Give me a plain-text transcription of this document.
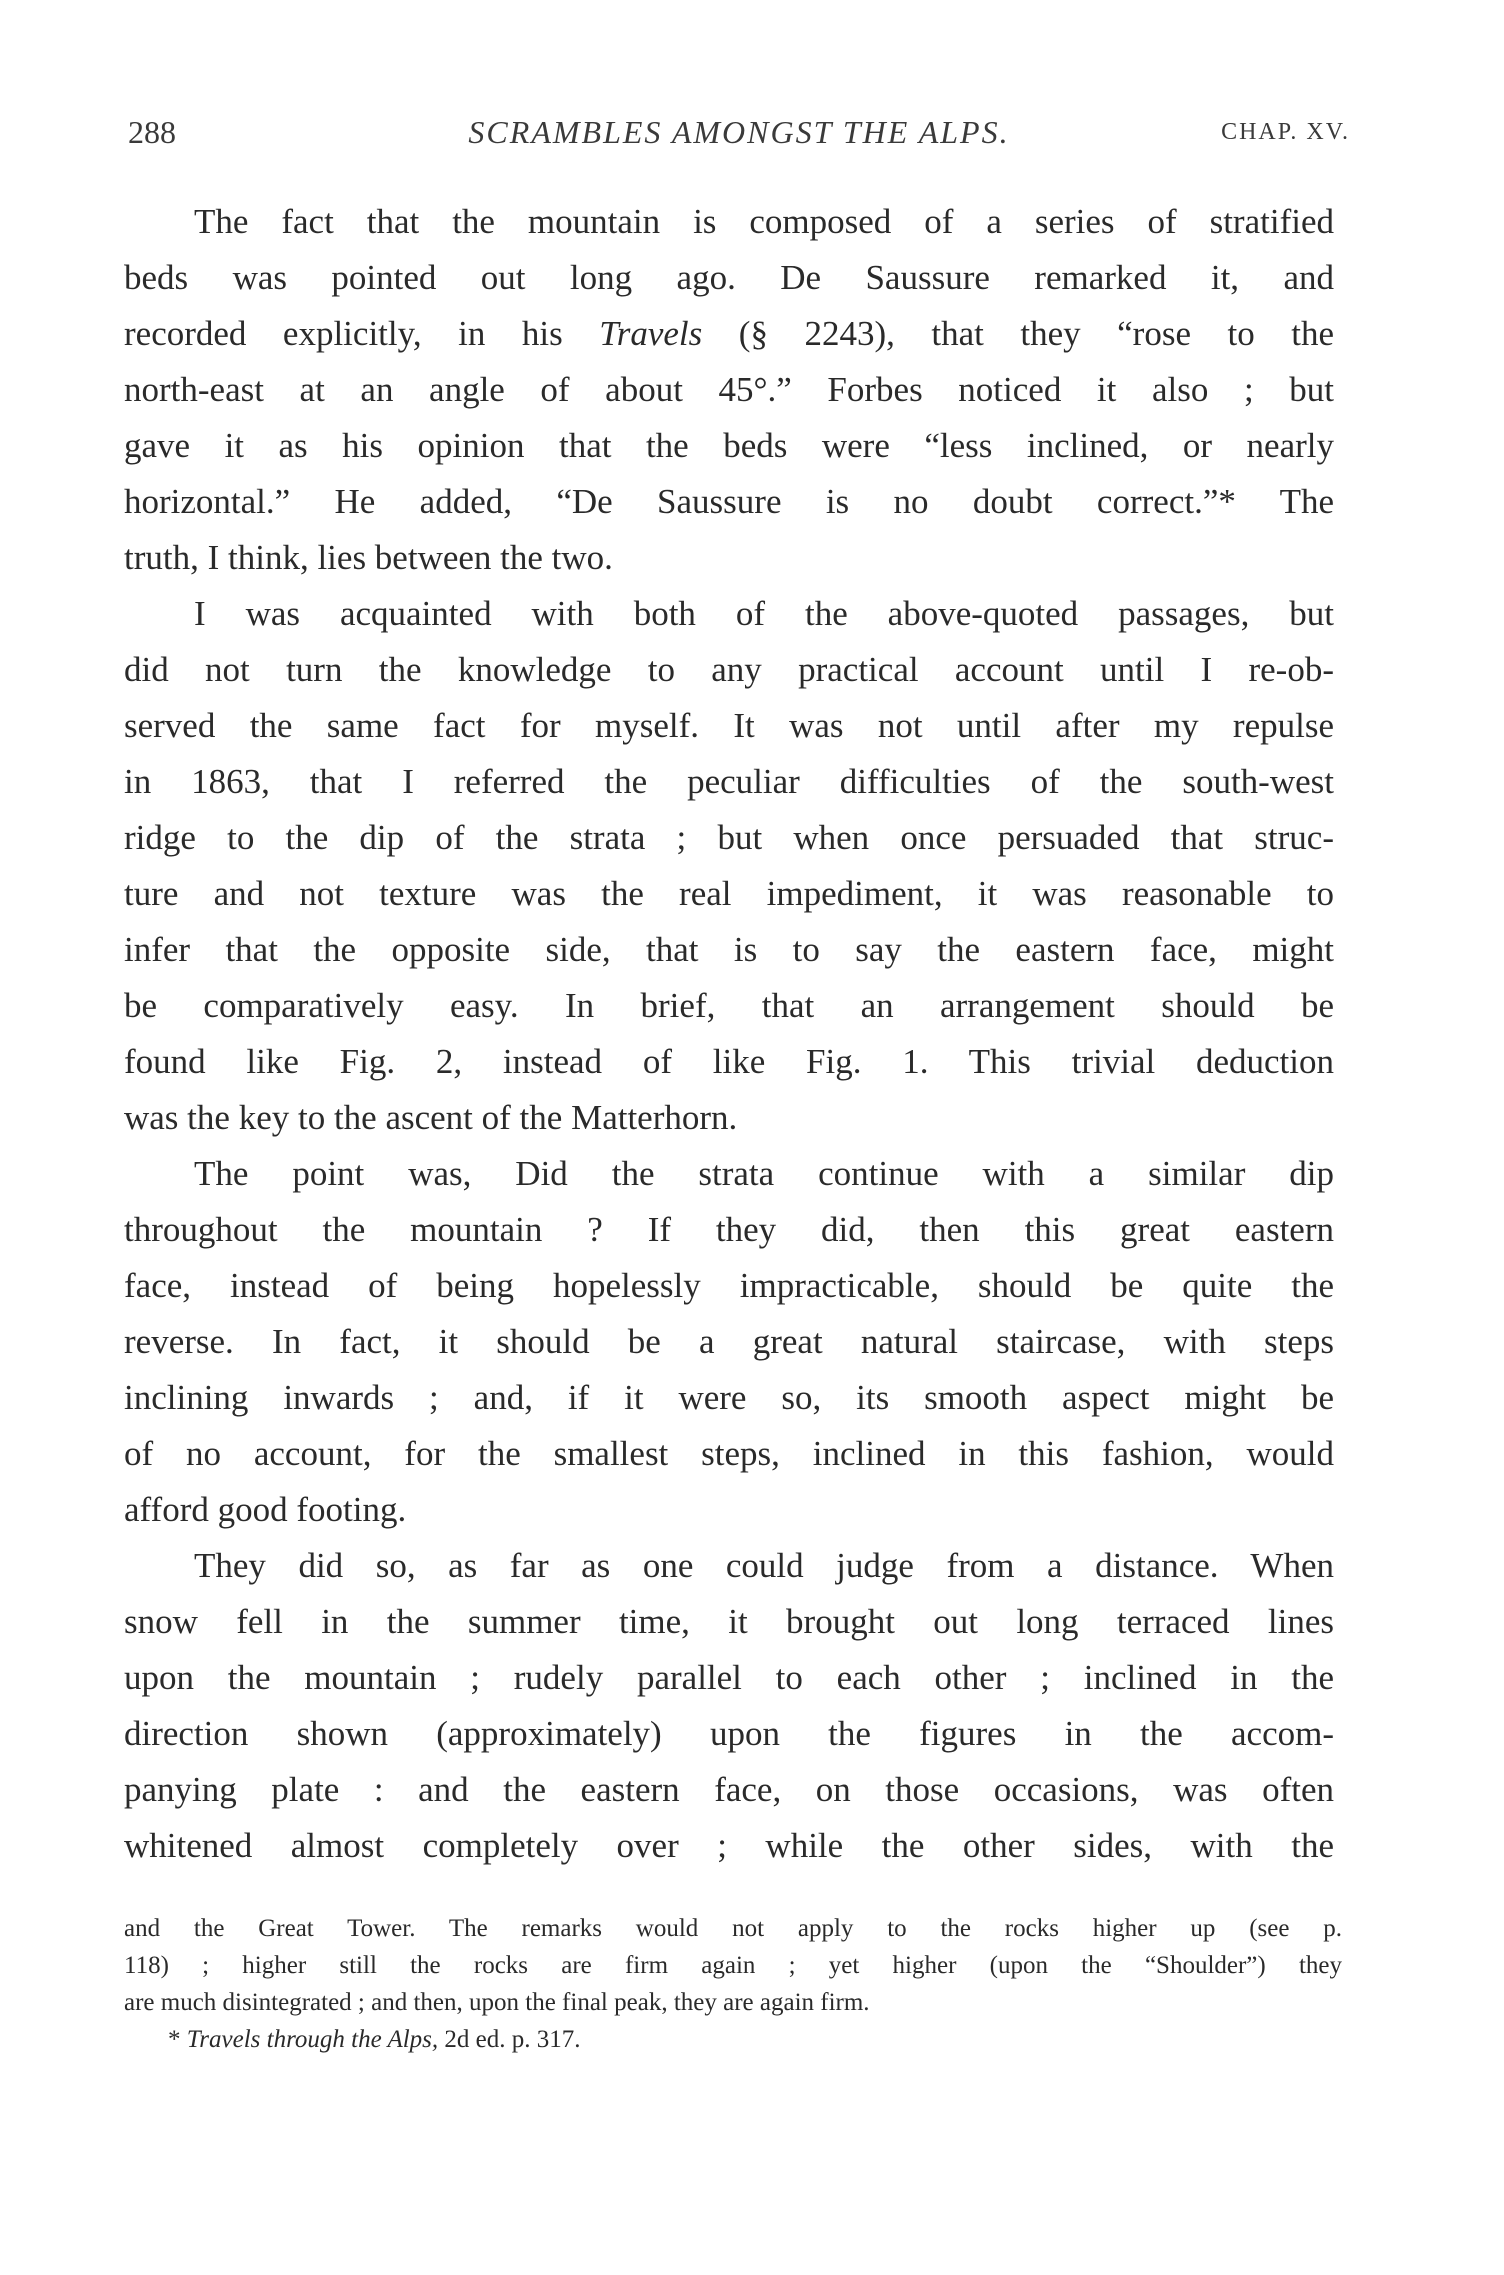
288	SCRAMBLES AMONGST THE ALPS.	CHAP. XV.
The fact that the mountain is composed of a series of stratified
beds was pointed out long ago. De Saussure remarked it, and
recorded explicitly, in his Travels (§ 2243), that they “rose to the
north-east at an angle of about 45°.” Forbes noticed it also ; but
gave it as his opinion that the beds were “less inclined, or nearly
horizontal.” He added, “De Saussure is no doubt correct.”* The
truth, I think, lies between the two.
I was acquainted with both of the above-quoted passages, but
did not turn the knowledge to any practical account until I re-ob-
served the same fact for myself. It was not until after my repulse
in 1863, that I referred the peculiar difficulties of the south-west
ridge to the dip of the strata ; but when once persuaded that struc-
ture and not texture was the real impediment, it was reasonable to
infer that the opposite side, that is to say the eastern face, might
be comparatively easy. In brief, that an arrangement should be
found like Fig. 2, instead of like Fig. 1. This trivial deduction
was the key to the ascent of the Matterhorn.
The point was, Did the strata continue with a similar dip
throughout the mountain ? If they did, then this great eastern
face, instead of being hopelessly impracticable, should be quite the
reverse. In fact, it should be a great natural staircase, with steps
inclining inwards ; and, if it were so, its smooth aspect might be
of no account, for the smallest steps, inclined in this fashion, would
afford good footing.
They did so, as far as one could judge from a distance. When
snow fell in the summer time, it brought out long terraced lines
upon the mountain ; rudely parallel to each other ; inclined in the
direction shown (approximately) upon the figures in the accom-
panying plate : and the eastern face, on those occasions, was often
whitened almost completely over ; while the other sides, with the
and the Great Tower. The remarks would not apply to the rocks higher up (see p.
118) ; higher still the rocks are firm again ; yet higher (upon the “Shoulder”) they
are much disintegrated ; and then, upon the final peak, they are again firm.
* Travels through the Alps, 2d ed. p. 317.
